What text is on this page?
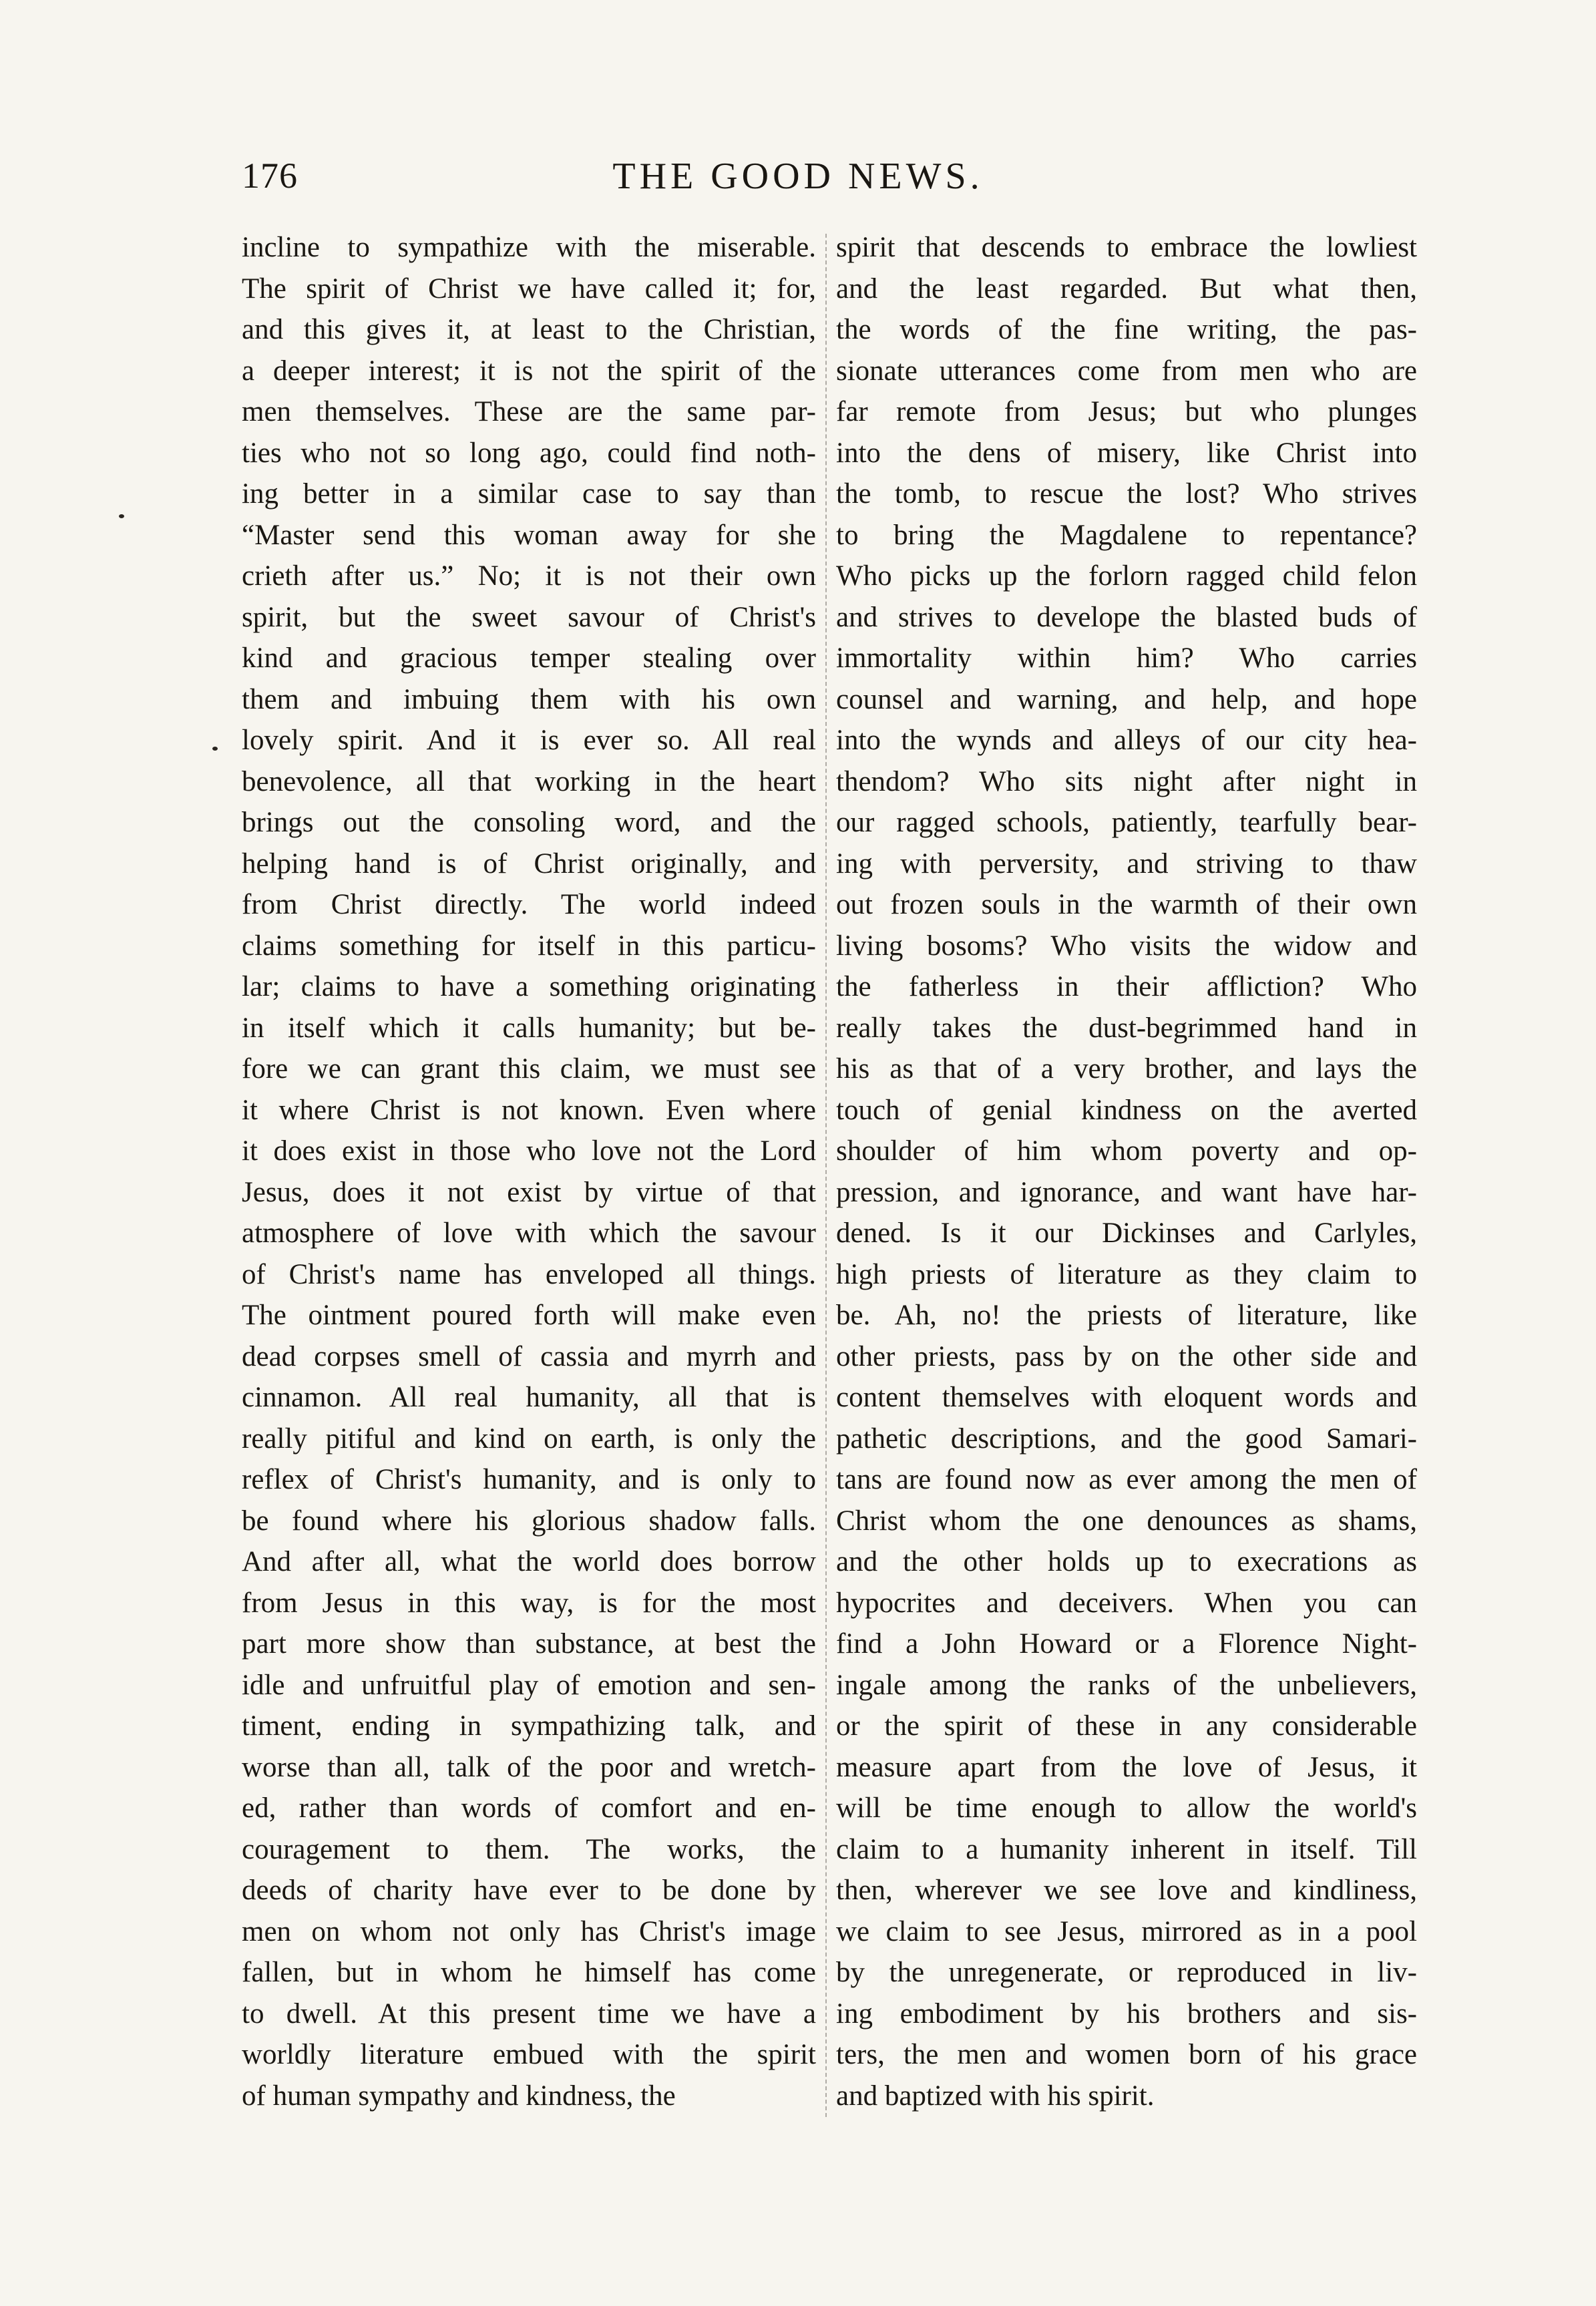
176	THE GOOD NEWS.
incline to sympathize with the miserable.
The spirit of Christ we have called it; for,
and this gives it, at least to the Christian,
a deeper interest; it is not the spirit of the
men themselves. These are the same par-
ties who not so long ago, could find noth-
ing better in a similar case to say than
“Master send this woman away for she
crieth after us.” No; it is not their own
spirit, but the sweet savour of Christ's
kind and gracious temper stealing over
them and imbuing them with his own
lovely spirit. And it is ever so. All real
benevolence, all that working in the heart
brings out the consoling word, and the
helping hand is of Christ originally, and
from Christ directly. The world indeed
claims something for itself in this particu-
lar; claims to have a something originating
in itself which it calls humanity; but be-
fore we can grant this claim, we must see
it where Christ is not known. Even where
it does exist in those who love not the Lord
Jesus, does it not exist by virtue of that
atmosphere of love with which the savour
of Christ's name has enveloped all things.
The ointment poured forth will make even
dead corpses smell of cassia and myrrh and
cinnamon. All real humanity, all that is
really pitiful and kind on earth, is only the
reflex of Christ's humanity, and is only to
be found where his glorious shadow falls.
And after all, what the world does borrow
from Jesus in this way, is for the most
part more show than substance, at best the
idle and unfruitful play of emotion and sen-
timent, ending in sympathizing talk, and
worse than all, talk of the poor and wretch-
ed, rather than words of comfort and en-
couragement to them. The works, the
deeds of charity have ever to be done by
men on whom not only has Christ's image
fallen, but in whom he himself has come
to dwell. At this present time we have a
worldly literature embued with the spirit
of human sympathy and kindness, the
spirit that descends to embrace the lowliest
and the least regarded. But what then,
the words of the fine writing, the pas-
sionate utterances come from men who are
far remote from Jesus; but who plunges
into the dens of misery, like Christ into
the tomb, to rescue the lost? Who strives
to bring the Magdalene to repentance?
Who picks up the forlorn ragged child felon
and strives to develope the blasted buds of
immortality within him? Who carries
counsel and warning, and help, and hope
into the wynds and alleys of our city hea-
thendom? Who sits night after night in
our ragged schools, patiently, tearfully bear-
ing with perversity, and striving to thaw
out frozen souls in the warmth of their own
living bosoms? Who visits the widow and
the fatherless in their affliction? Who
really takes the dust-begrimmed hand in
his as that of a very brother, and lays the
touch of genial kindness on the averted
shoulder of him whom poverty and op-
pression, and ignorance, and want have har-
dened. Is it our Dickinses and Carlyles,
high priests of literature as they claim to
be. Ah, no! the priests of literature, like
other priests, pass by on the other side and
content themselves with eloquent words and
pathetic descriptions, and the good Samari-
tans are found now as ever among the men of
Christ whom the one denounces as shams,
and the other holds up to execrations as
hypocrites and deceivers. When you can
find a John Howard or a Florence Night-
ingale among the ranks of the unbelievers,
or the spirit of these in any considerable
measure apart from the love of Jesus, it
will be time enough to allow the world's
claim to a humanity inherent in itself. Till
then, wherever we see love and kindliness,
we claim to see Jesus, mirrored as in a pool
by the unregenerate, or reproduced in liv-
ing embodiment by his brothers and sis-
ters, the men and women born of his grace
and baptized with his spirit.
